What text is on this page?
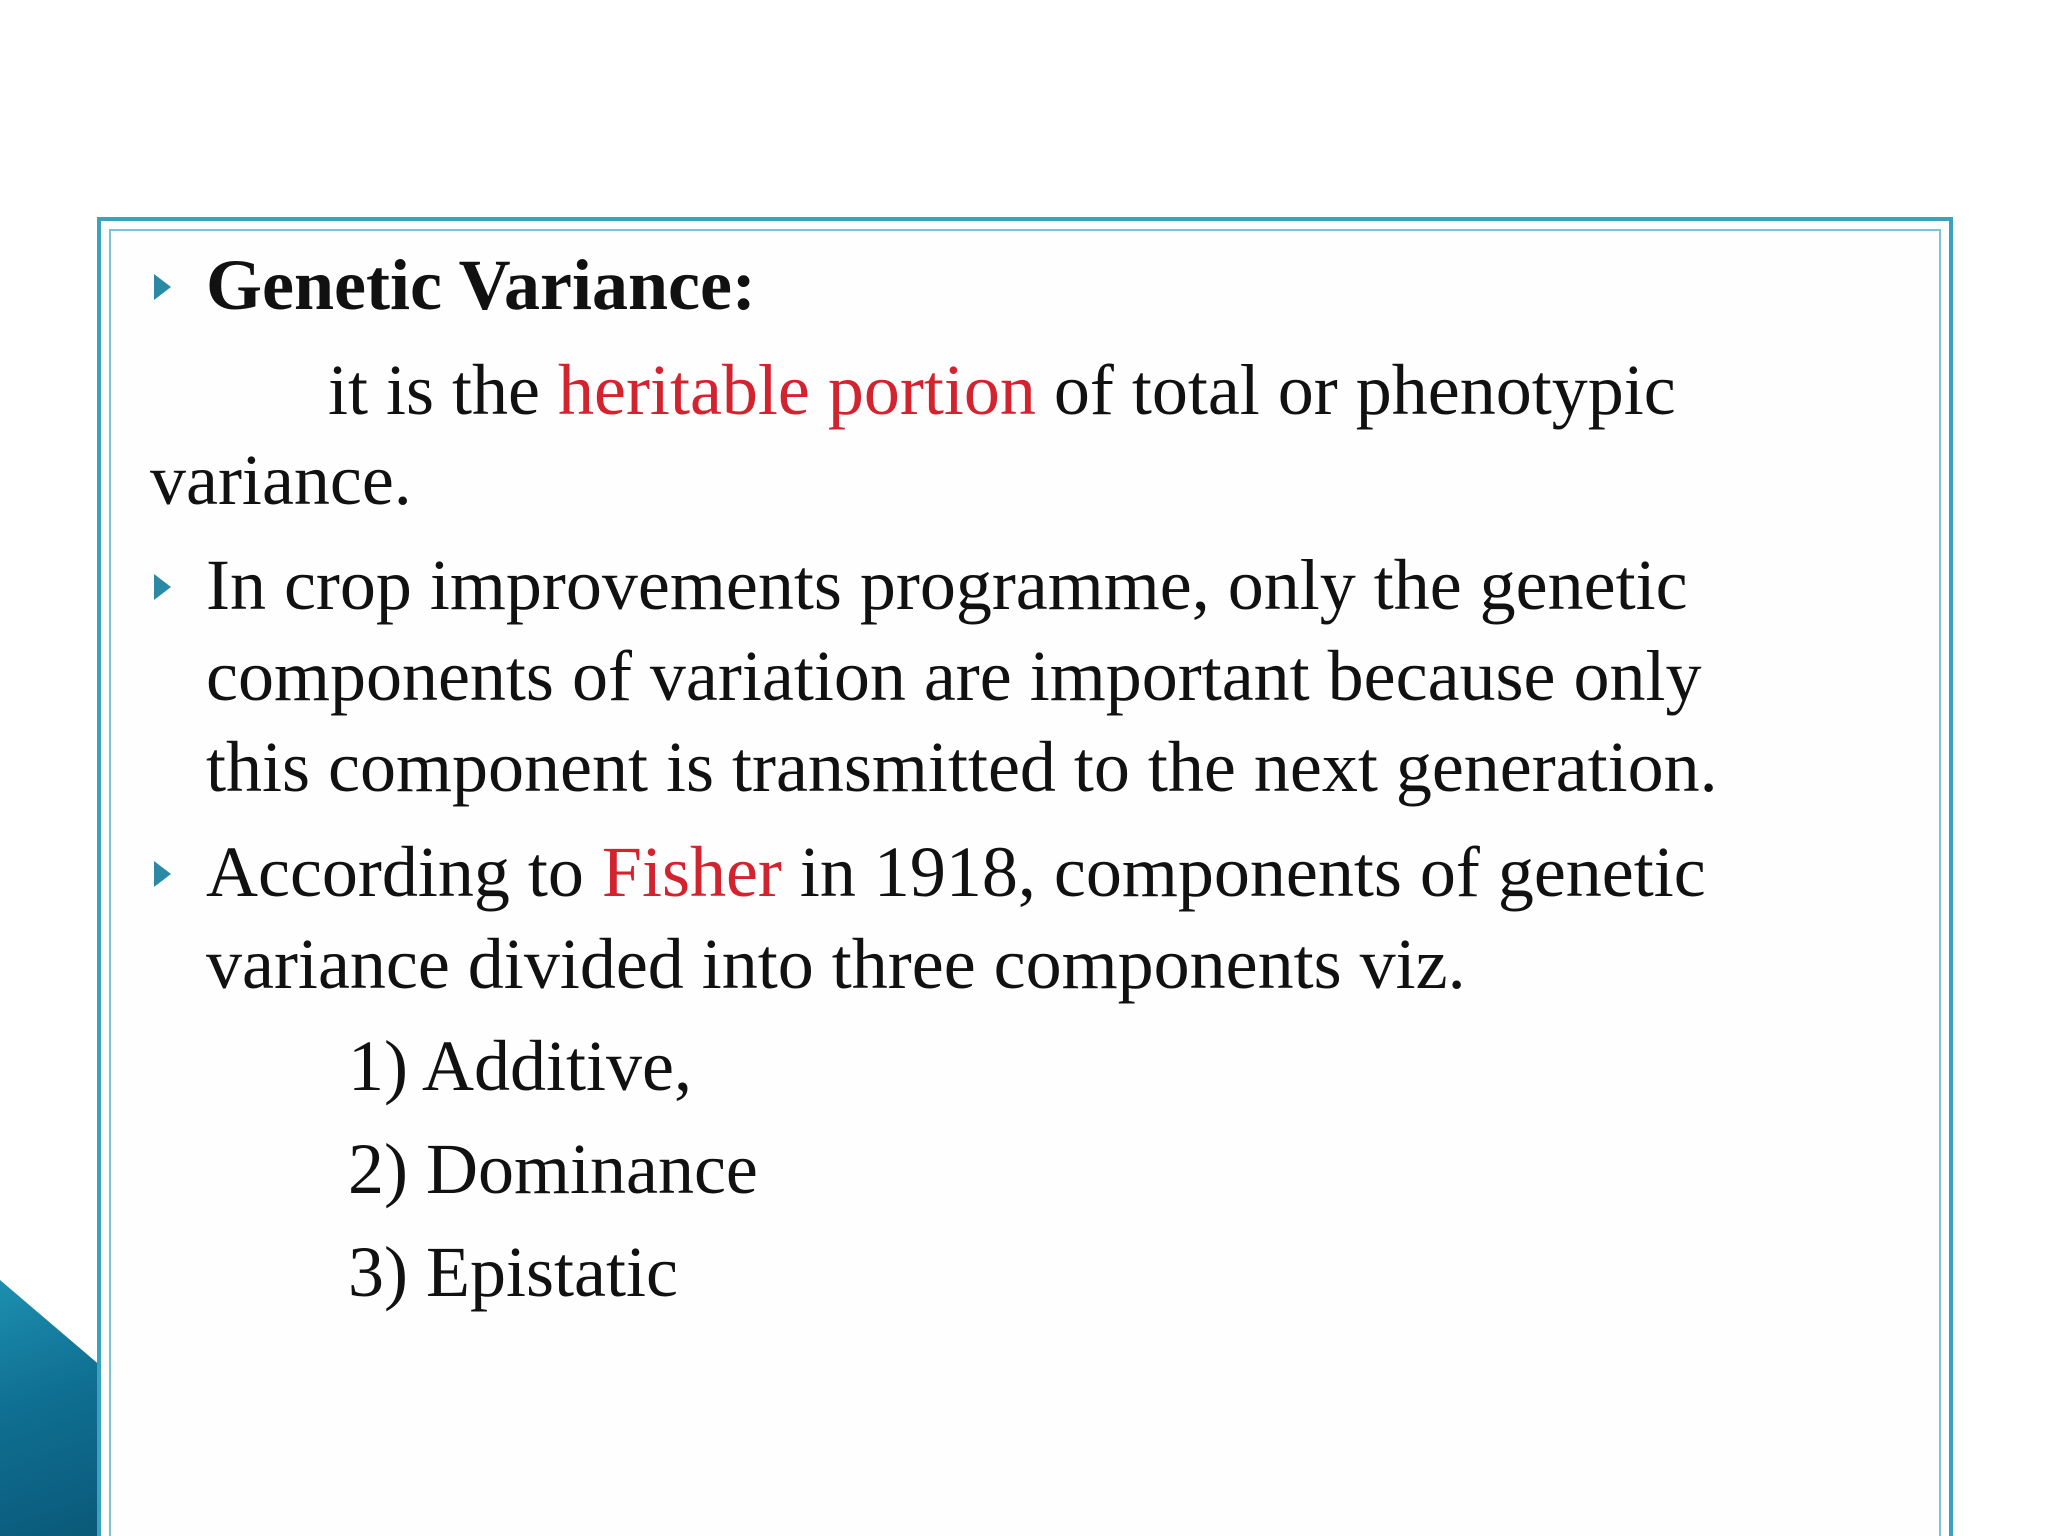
Genetic Variance:
it is the heritable portion of total or phenotypic
variance.
In crop improvements programme, only the genetic
components of variation are important because only
this component is transmitted to the next generation.
According to Fisher in 1918, components of genetic
variance divided into three components viz.
1) Additive,
2) Dominance
3) Epistatic
